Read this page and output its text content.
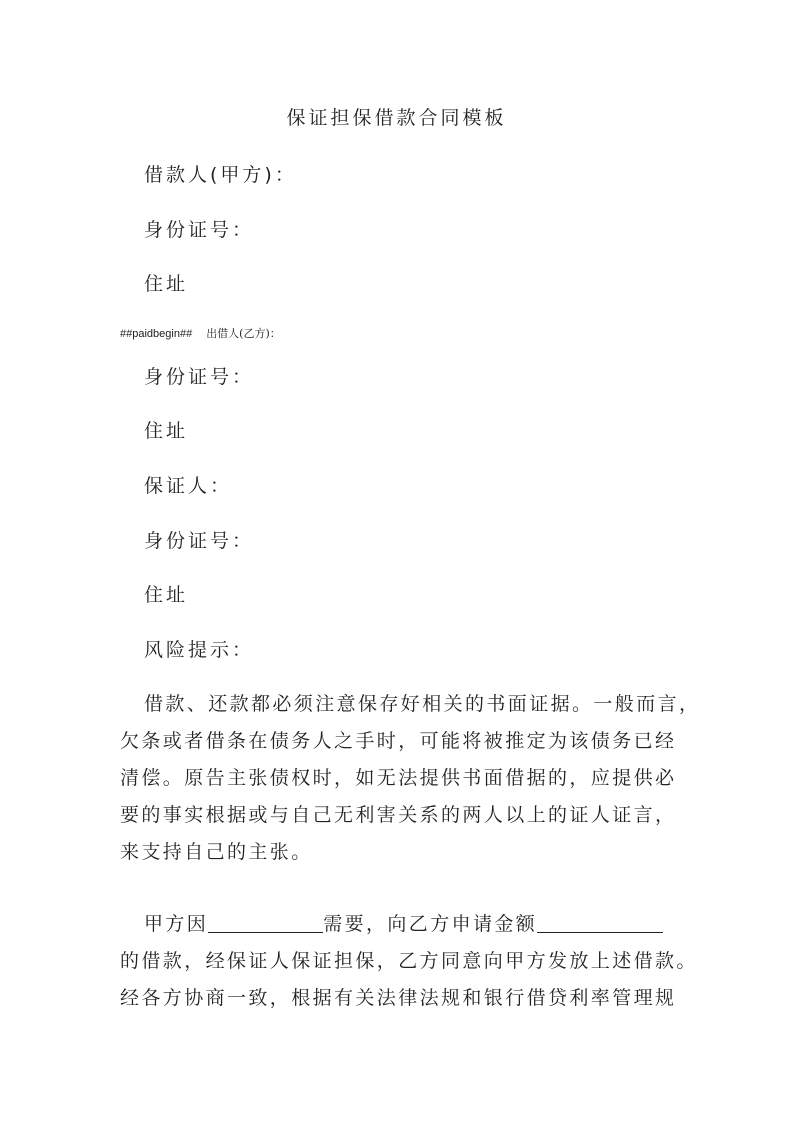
保证担保借款合同模板
借款人(甲方)：
身份证号：
住址
##paidbegin## 出借人(乙方)：
身份证号：
住址
保证人：
身份证号：
住址
风险提示：
借款、还款都必须注意保存好相关的书面证据。一般而言，
欠条或者借条在债务人之手时，可能将被推定为该债务已经
清偿。原告主张债权时，如无法提供书面借据的，应提供必
要的事实根据或与自己无利害关系的两人以上的证人证言，
来支持自己的主张。
甲方因	需要，向乙方申请金额
的借款，经保证人保证担保，乙方同意向甲方发放上述借款。
经各方协商一致，根据有关法律法规和银行借贷利率管理规
